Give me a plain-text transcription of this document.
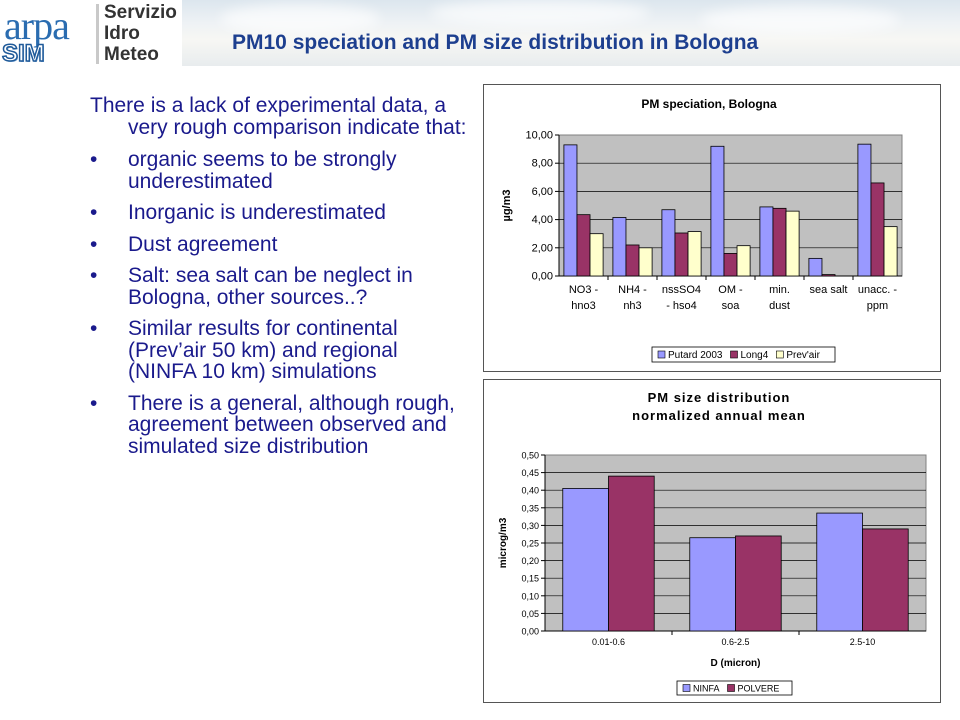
arpa
SIM
Servizio
Idro
Meteo
PM10 speciation and PM size distribution in Bologna
There is a lack of experimental data, a very rough comparison indicate that:
• organic seems to be strongly underestimated
• Inorganic is underestimated
• Dust agreement
• Salt: sea salt can be neglect in Bologna, other sources..?
• Similar results for continental (Prev’air 50 km) and regional (NINFA 10 km) simulations
• There is a general, although rough, agreement between observed and simulated size distribution
0,00
2,00
4,00
6,00
8,00
10,00
NO3 -
hno3
NH4 -
nh3
nssSO4
- hso4
OM -
soa
min.
dust
sea salt unacc. -
ppm
PM speciation, Bologna
µg/m3
Putard 2003 Long4 Prev'air
0,00
0,05
0,10
0,15
0,20
0,25
0,30
0,35
0,40
0,45
0,50
0.01-0.6	0.6-2.5	2.5-10
PM size distribution
normalized annual mean
microg/m3
D (micron)
NINFA POLVERE
